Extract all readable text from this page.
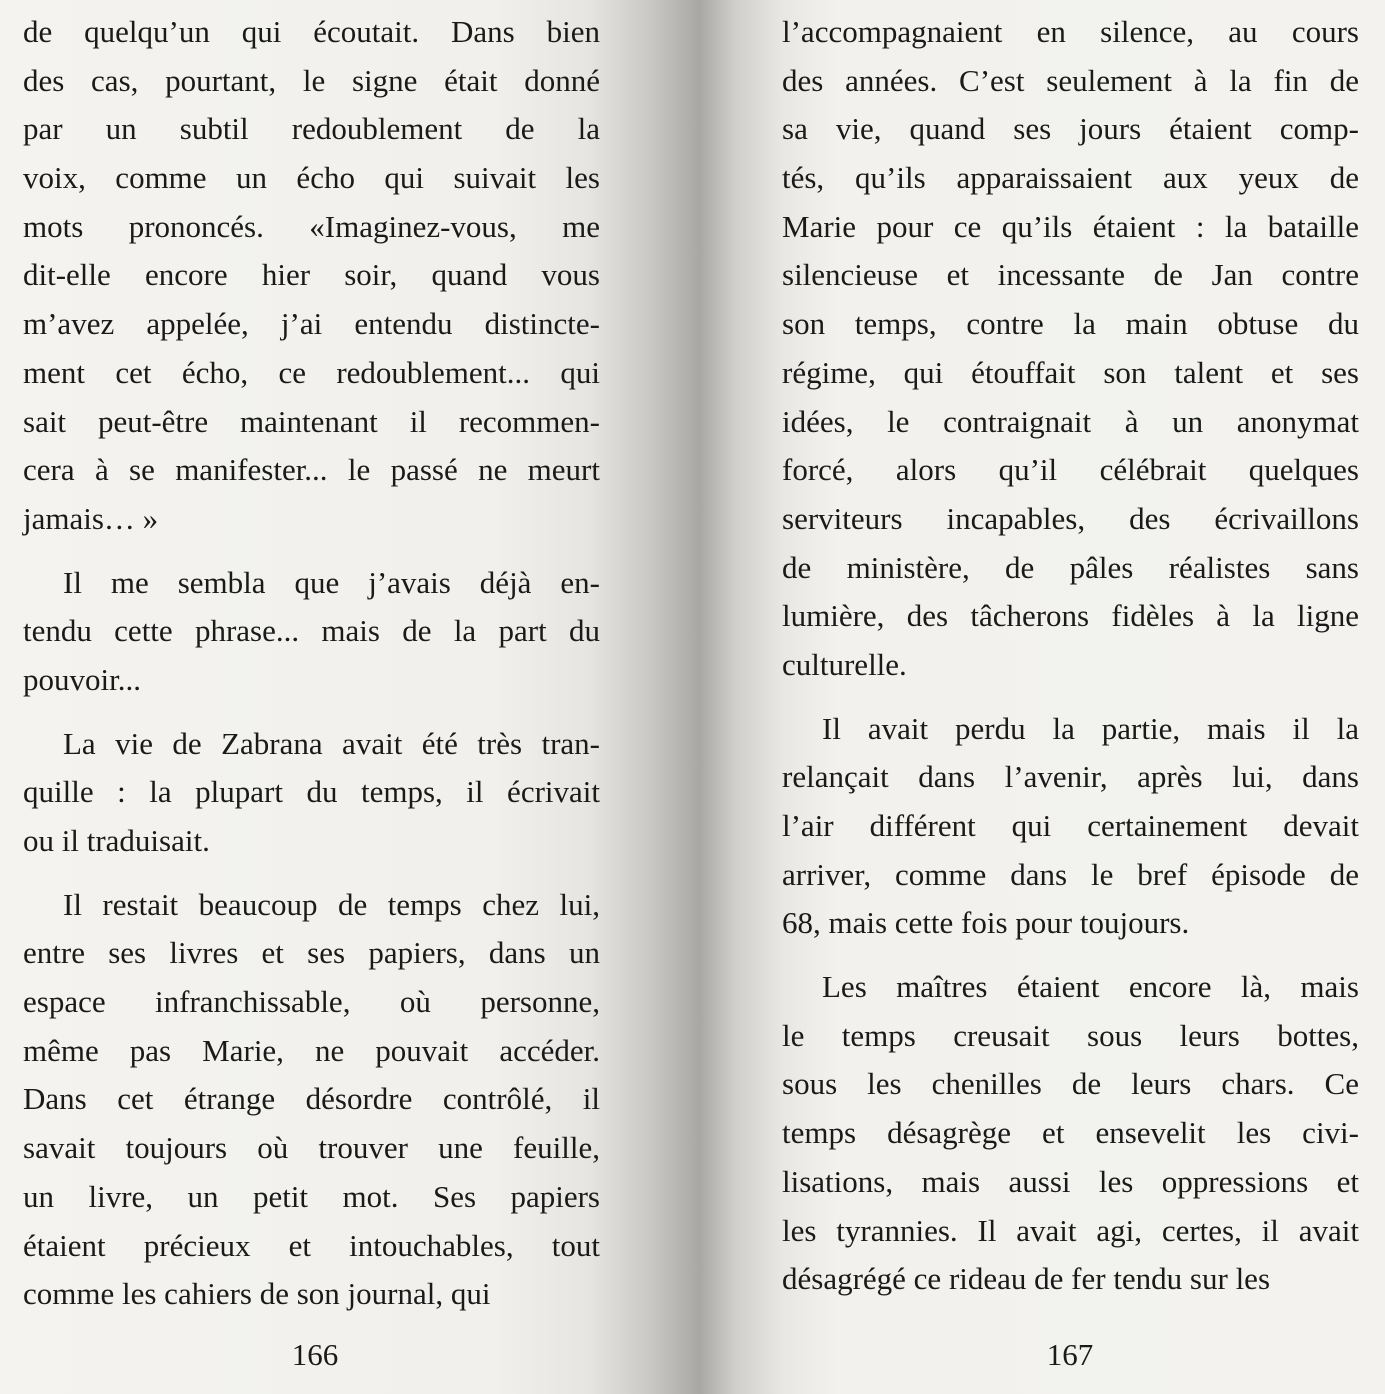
de quelqu’un qui écoutait. Dans bien
des cas, pourtant, le signe était donné
par un subtil redoublement de la
voix, comme un écho qui suivait les
mots prononcés. «Imaginez-vous, me
dit-elle encore hier soir, quand vous
m’avez appelée, j’ai entendu distincte-
ment cet écho, ce redoublement... qui
sait peut-être maintenant il recommen-
cera à se manifester... le passé ne meurt
jamais… »
Il me sembla que j’avais déjà en-
tendu cette phrase... mais de la part du
pouvoir...
La vie de Zabrana avait été très tran-
quille : la plupart du temps, il écrivait
ou il traduisait.
Il restait beaucoup de temps chez lui,
entre ses livres et ses papiers, dans un
espace infranchissable, où personne,
même pas Marie, ne pouvait accéder.
Dans cet étrange désordre contrôlé, il
savait toujours où trouver une feuille,
un livre, un petit mot. Ses papiers
étaient précieux et intouchables, tout
comme les cahiers de son journal, qui
166
l’accompagnaient en silence, au cours
des années. C’est seulement à la fin de
sa vie, quand ses jours étaient comp-
tés, qu’ils apparaissaient aux yeux de
Marie pour ce qu’ils étaient : la bataille
silencieuse et incessante de Jan contre
son temps, contre la main obtuse du
régime, qui étouffait son talent et ses
idées, le contraignait à un anonymat
forcé, alors qu’il célébrait quelques
serviteurs incapables, des écrivaillons
de ministère, de pâles réalistes sans
lumière, des tâcherons fidèles à la ligne
culturelle.
Il avait perdu la partie, mais il la
relançait dans l’avenir, après lui, dans
l’air différent qui certainement devait
arriver, comme dans le bref épisode de
68, mais cette fois pour toujours.
Les maîtres étaient encore là, mais
le temps creusait sous leurs bottes,
sous les chenilles de leurs chars. Ce
temps désagrège et ensevelit les civi-
lisations, mais aussi les oppressions et
les tyrannies. Il avait agi, certes, il avait
désagrégé ce rideau de fer tendu sur les
167
